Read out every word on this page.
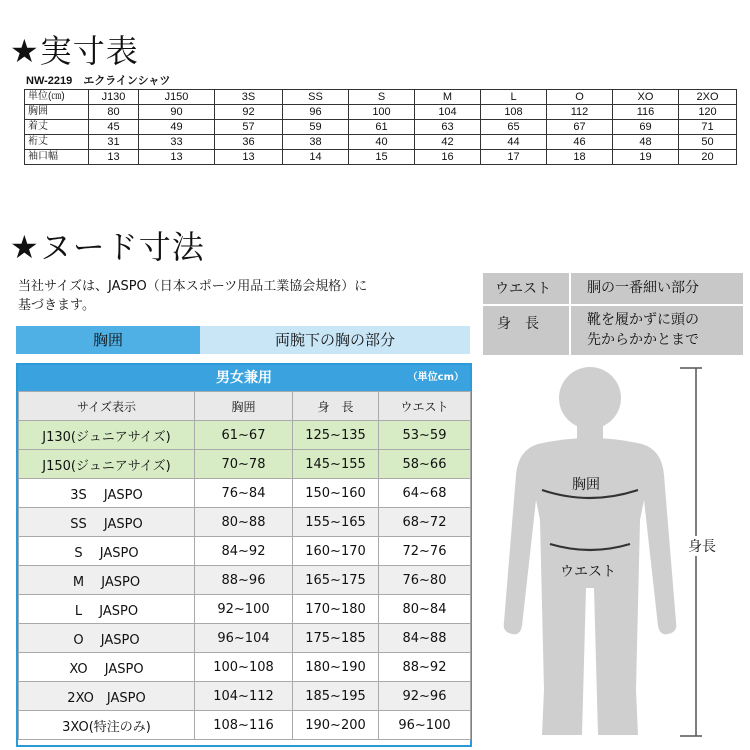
★実寸表
NW-2219　エクラインシャツ
単位(㎝)	J130	J150	3S	SS	S	M	L	O	XO	2XO
胸囲	80	90	92	96	100	104	108	112	116	120
着丈	45	49	57	59	61	63	65	67	69	71
裄丈	31	33	36	38	40	42	44	46	48	50
袖口幅	13	13	13	14	15	16	17	18	19	20
★ヌード寸法
当社サイズは、JASPO（日本スポーツ用品工業協会規格）に
基づきます。
胸囲	両腕下の胸の部分
ウエスト	胴の一番細い部分
身　長	靴を履かずに頭の
先からかかとまで
男女兼用	（単位cm）
サイズ表示	胸囲	身　長	ウエスト
J130(ジュニアサイズ)	61~67	125~135	53~59
J150(ジュニアサイズ)	70~78	145~155	58~66
3S　 JASPO	76~84	150~160	64~68
SS　 JASPO	80~88	155~165	68~72
S　 JASPO	84~92	160~170	72~76
M　 JASPO	88~96	165~175	76~80
L　 JASPO	92~100	170~180	80~84
O　 JASPO	96~104	175~185	84~88
XO　 JASPO	100~108	180~190	88~92
2XO　JASPO	104~112	185~195	92~96
3XO(特注のみ)	108~116	190~200	96~100
胸囲
ウエスト
身長
